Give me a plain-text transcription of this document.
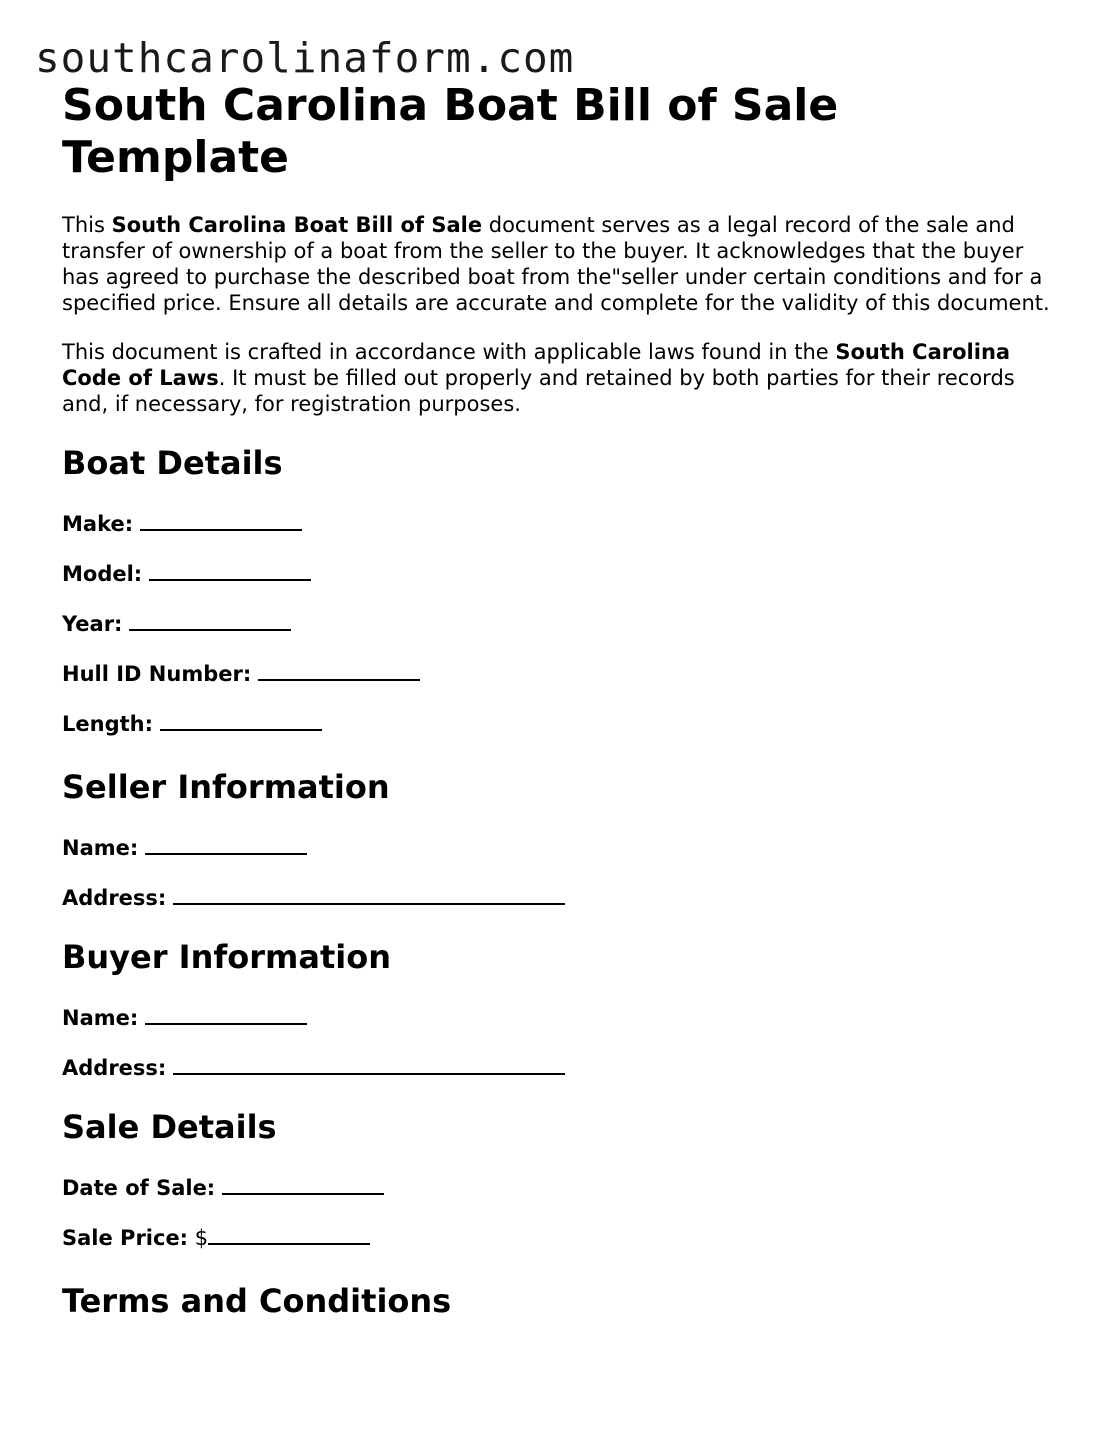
southcarolinaform.com
South Carolina Boat Bill of Sale
Template

This South Carolina Boat Bill of Sale document serves as a legal record of the sale and transfer of ownership of a boat from the seller to the buyer. It acknowledges that the buyer has agreed to purchase the described boat from the"seller under certain conditions and for a specified price. Ensure all details are accurate and complete for the validity of this document.

This document is crafted in accordance with applicable laws found in the South Carolina Code of Laws. It must be filled out properly and retained by both parties for their records and, if necessary, for registration purposes.

Boat Details
Make:
Model:
Year:
Hull ID Number:
Length:
Seller Information
Name:
Address:
Buyer Information
Name:
Address:
Sale Details
Date of Sale:
Sale Price: $
Terms and Conditions
